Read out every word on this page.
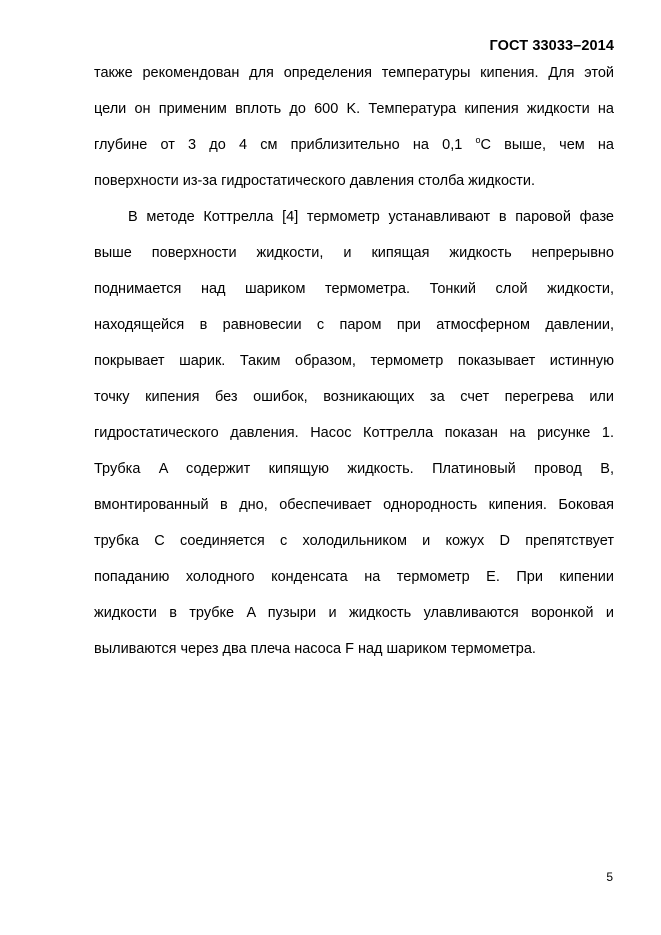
ГОСТ 33033–2014
также рекомендован для определения температуры кипения. Для этой
цели он применим вплоть до 600 K. Температура кипения жидкости на
глубине от 3 до 4 см приблизительно на 0,1 $^o$C выше, чем на
поверхности из-за гидростатического давления столба жидкости.
В методе Коттрелла [4] термометр устанавливают в паровой фазе
выше поверхности жидкости, и кипящая жидкость непрерывно
поднимается над шариком термометра. Тонкий слой жидкости,
находящейся в равновесии с паром при атмосферном давлении,
покрывает шарик. Таким образом, термометр показывает истинную
точку кипения без ошибок, возникающих за счет перегрева или
гидростатического давления. Насос Коттрелла показан на рисунке 1.
Трубка A содержит кипящую жидкость. Платиновый провод B,
вмонтированный в дно, обеспечивает однородность кипения. Боковая
трубка C соединяется с холодильником и кожух D препятствует
попаданию холодного конденсата на термометр E. При кипении
жидкости в трубке A пузыри и жидкость улавливаются воронкой и
выливаются через два плеча насоса F над шариком термометра.
5
